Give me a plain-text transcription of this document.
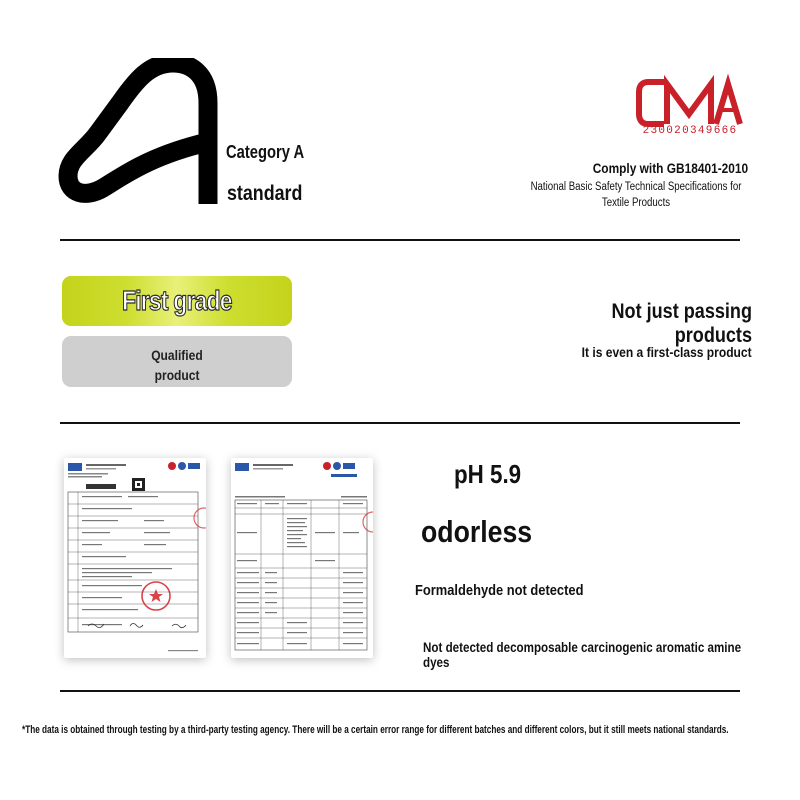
Category A
standard
230020349666
Comply with GB18401-2010
National Basic Safety Technical Specifications for Textile Products
First grade
Qualified
product
Not just passing products
It is even a first-class product
pH 5.9
odorless
Formaldehyde not detected
Not detected decomposable carcinogenic aromatic amine dyes
*The data is obtained through testing by a third-party testing agency. There will be a certain error range for different batches and different colors, but it still meets national standards.
